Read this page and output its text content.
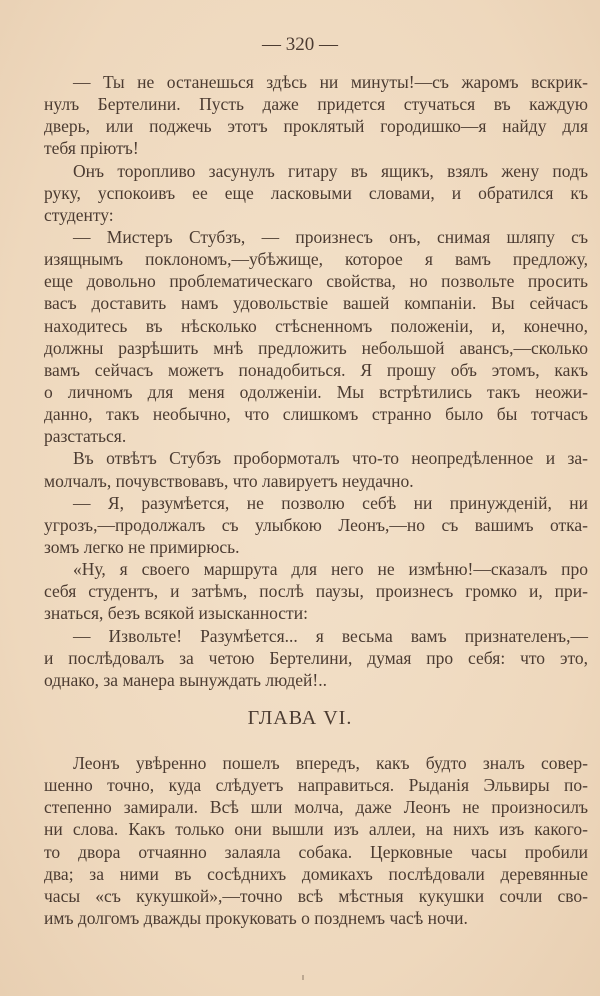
— 320 —
— Ты не останешься здѣсь ни минуты!—съ жаромъ вскрик-
нулъ Бертелини. Пусть даже придется стучаться въ каждую
дверь, или поджечь этотъ проклятый городишко—я найду для
тебя пріютъ!
Онъ торопливо засунулъ гитару въ ящикъ, взялъ жену подъ
руку, успокоивъ ее еще ласковыми словами, и обратился къ
студенту:
— Мистеръ Стубзъ, — произнесъ онъ, снимая шляпу съ
изящнымъ поклономъ,—убѣжище, которое я вамъ предложу,
еще довольно проблематическаго свойства, но позвольте просить
васъ доставить намъ удовольствіе вашей компаніи. Вы сейчасъ
находитесь въ нѣсколько стѣсненномъ положеніи, и, конечно,
должны разрѣшить мнѣ предложить небольшой авансъ,—сколько
вамъ сейчасъ можетъ понадобиться. Я прошу объ этомъ, какъ
о личномъ для меня одолженіи. Мы встрѣтились такъ неожи-
данно, такъ необычно, что слишкомъ странно было бы тотчасъ
разстаться.
Въ отвѣтъ Стубзъ пробормоталъ что-то неопредѣленное и за-
молчалъ, почувствовавъ, что лавируетъ неудачно.
— Я, разумѣется, не позволю себѣ ни принужденій, ни
угрозъ,—продолжалъ съ улыбкою Леонъ,—но съ вашимъ отка-
зомъ легко не примирюсь.
«Ну, я своего маршрута для него не измѣню!—сказалъ про
себя студентъ, и затѣмъ, послѣ паузы, произнесъ громко и, при-
знаться, безъ всякой изысканности:
— Извольте! Разумѣется... я весьма вамъ признателенъ,—
и послѣдовалъ за четою Бертелини, думая про себя: что это,
однако, за манера вынуждать людей!..
ГЛАВА VI.
Леонъ увѣренно пошелъ впередъ, какъ будто зналъ совер-
шенно точно, куда слѣдуетъ направиться. Рыданія Эльвиры по-
степенно замирали. Всѣ шли молча, даже Леонъ не произносилъ
ни слова. Какъ только они вышли изъ аллеи, на нихъ изъ какого-
то двора отчаянно залаяла собака. Церковные часы пробили
два; за ними въ сосѣднихъ домикахъ послѣдовали деревянные
часы «съ кукушкой»,—точно всѣ мѣстныя кукушки сочли сво-
имъ долгомъ дважды прокуковать о позднемъ часѣ ночи.
